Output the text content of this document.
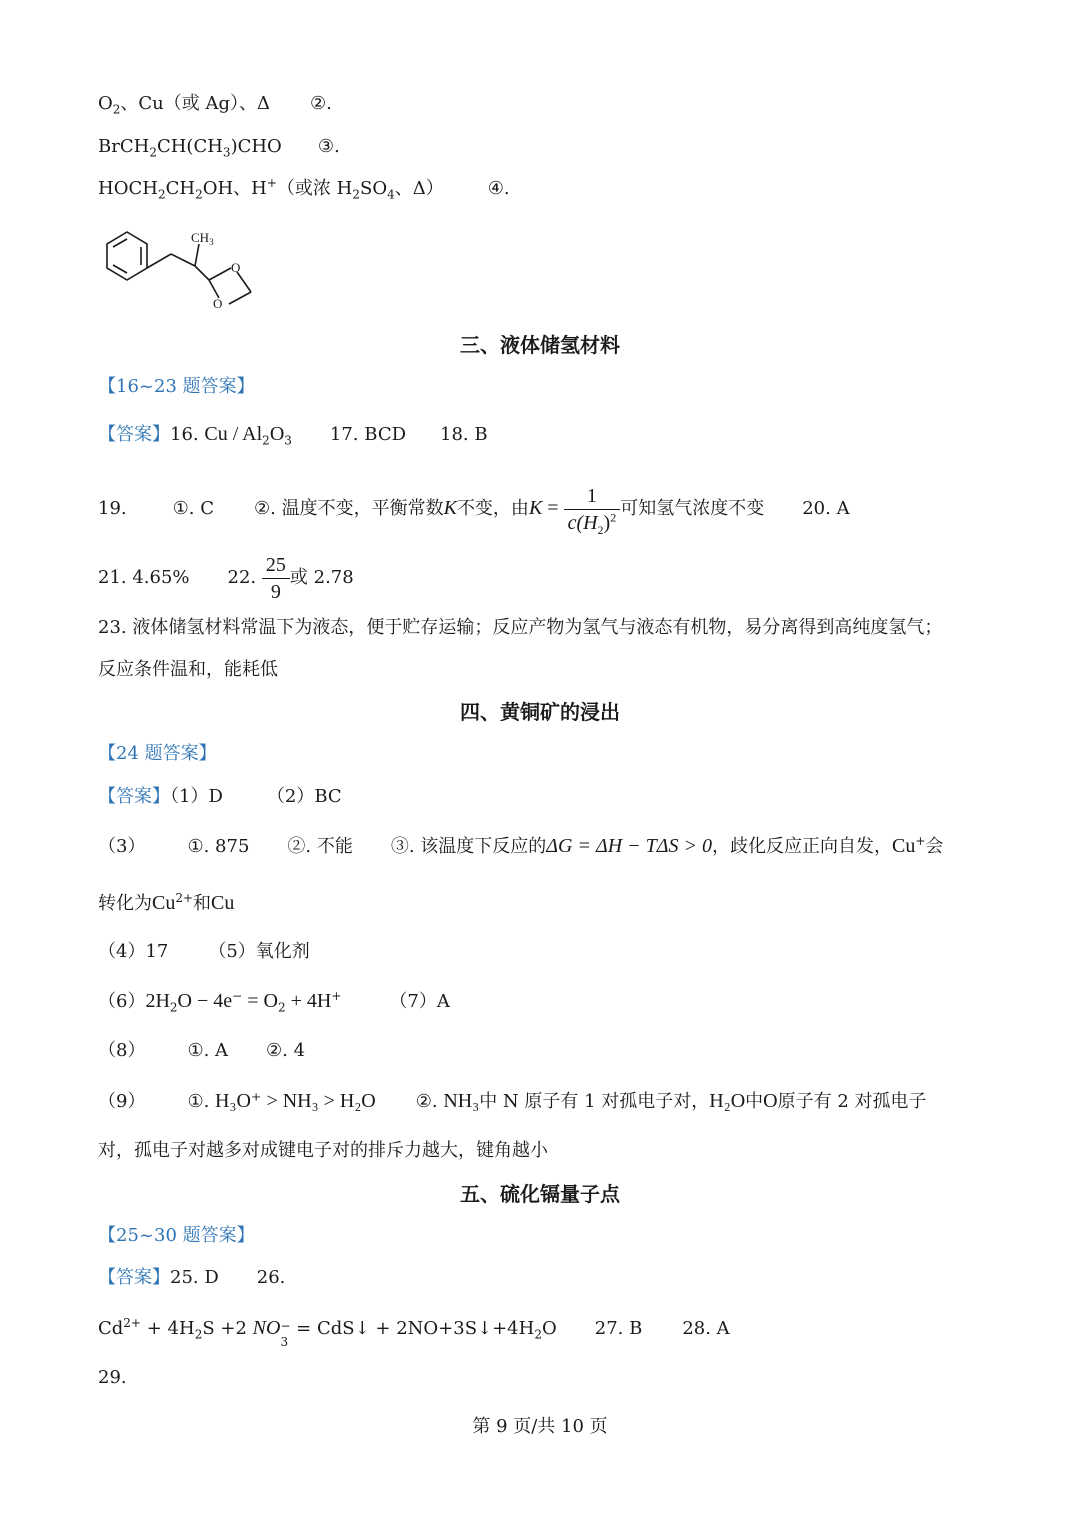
$O_2$、Cu（或 Ag）、Δ ②.
$BrCH_2CH(CH_3)CHO$ ③.
$HOCH_2CH_2OH$、H+（或浓 $H_2SO_4$、Δ） ④.
$CH_3$
O
O
三、液体储氢材料
【16~23 题答案】
【答案】16. Cu / $Al_2O_3$ 17. BCD 18. B
19.	①. C ②. 温度不变，平衡常数K不变，由$K = \frac{1}{c(H_2)^2}$ 可知氢气浓度不变 20. A
21. 4.65% 22. $\frac{25}{9}$ 或 2.78
23. 液体储氢材料常温下为液态，便于贮存运输；反应产物为氢气与液态有机物，易分离得到高纯度氢气；
反应条件温和，能耗低
四、黄铜矿的浸出
【24 题答案】
【答案】（1）D （2）BC
（3） ①. 875 ②. 不能 ③. 该温度下反应的ΔG = ΔH − TΔS > 0，歧化反应正向自发，Cu+会
转化为$Cu^{2+}$和Cu
（4）17 （5）氧化剂
$(6)2H_2O - 4e^- = O_2 + 4H^+$	（7）A
（8） ①. A ②. 4
（9） ①. H₃O⁺ > NH₃ > H₂O ②. NH₃中 N 原子有 1 对孤电子对，H₂O中O原子有 2 对孤电子
对，孤电子对越多对成键电子对的排斥力越大，键角越小
五、硫化镉量子点
【25~30 题答案】
【答案】25. D 26.
$Cd^{2+} + 4H_2S +2$ NO −
3
= CdS↓ + $2NO+3S↓+4H_2O$ 27. B 28. A
29.
第 9 页/共 10 页
